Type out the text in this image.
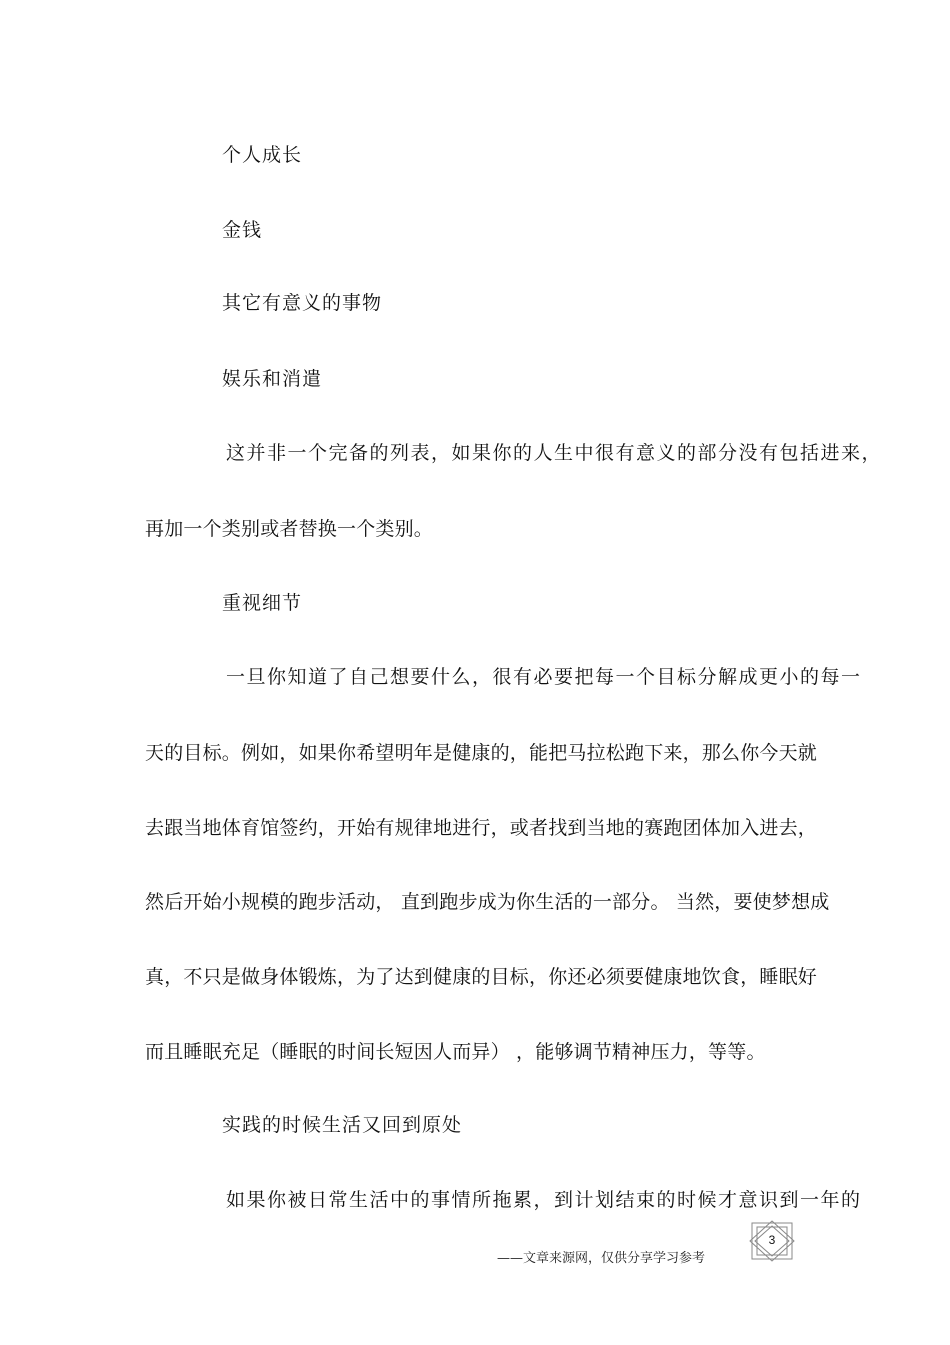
个人成长
金钱
其它有意义的事物
娱乐和消遣
这并非一个完备的列表，如果你的人生中很有意义的部分没有包括进来，
再加一个类别或者替换一个类别。
重视细节
一旦你知道了自己想要什么，很有必要把每一个目标分解成更小的每一
天的目标。例如，如果你希望明年是健康的，能把马拉松跑下来，那么你今天就
去跟当地体育馆签约，开始有规律地进行，或者找到当地的赛跑团体加入进去，
然后开始小规模的跑步活动， 直到跑步成为你生活的一部分。 当然，要使梦想成
真，不只是做身体锻炼，为了达到健康的目标，你还必须要健康地饮食，睡眠好
而且睡眠充足（睡眠的时间长短因人而异） ，能够调节精神压力，等等。
实践的时候生活又回到原处
如果你被日常生活中的事情所拖累，到计划结束的时候才意识到一年的
3
——文章来源网，仅供分享学习参考
